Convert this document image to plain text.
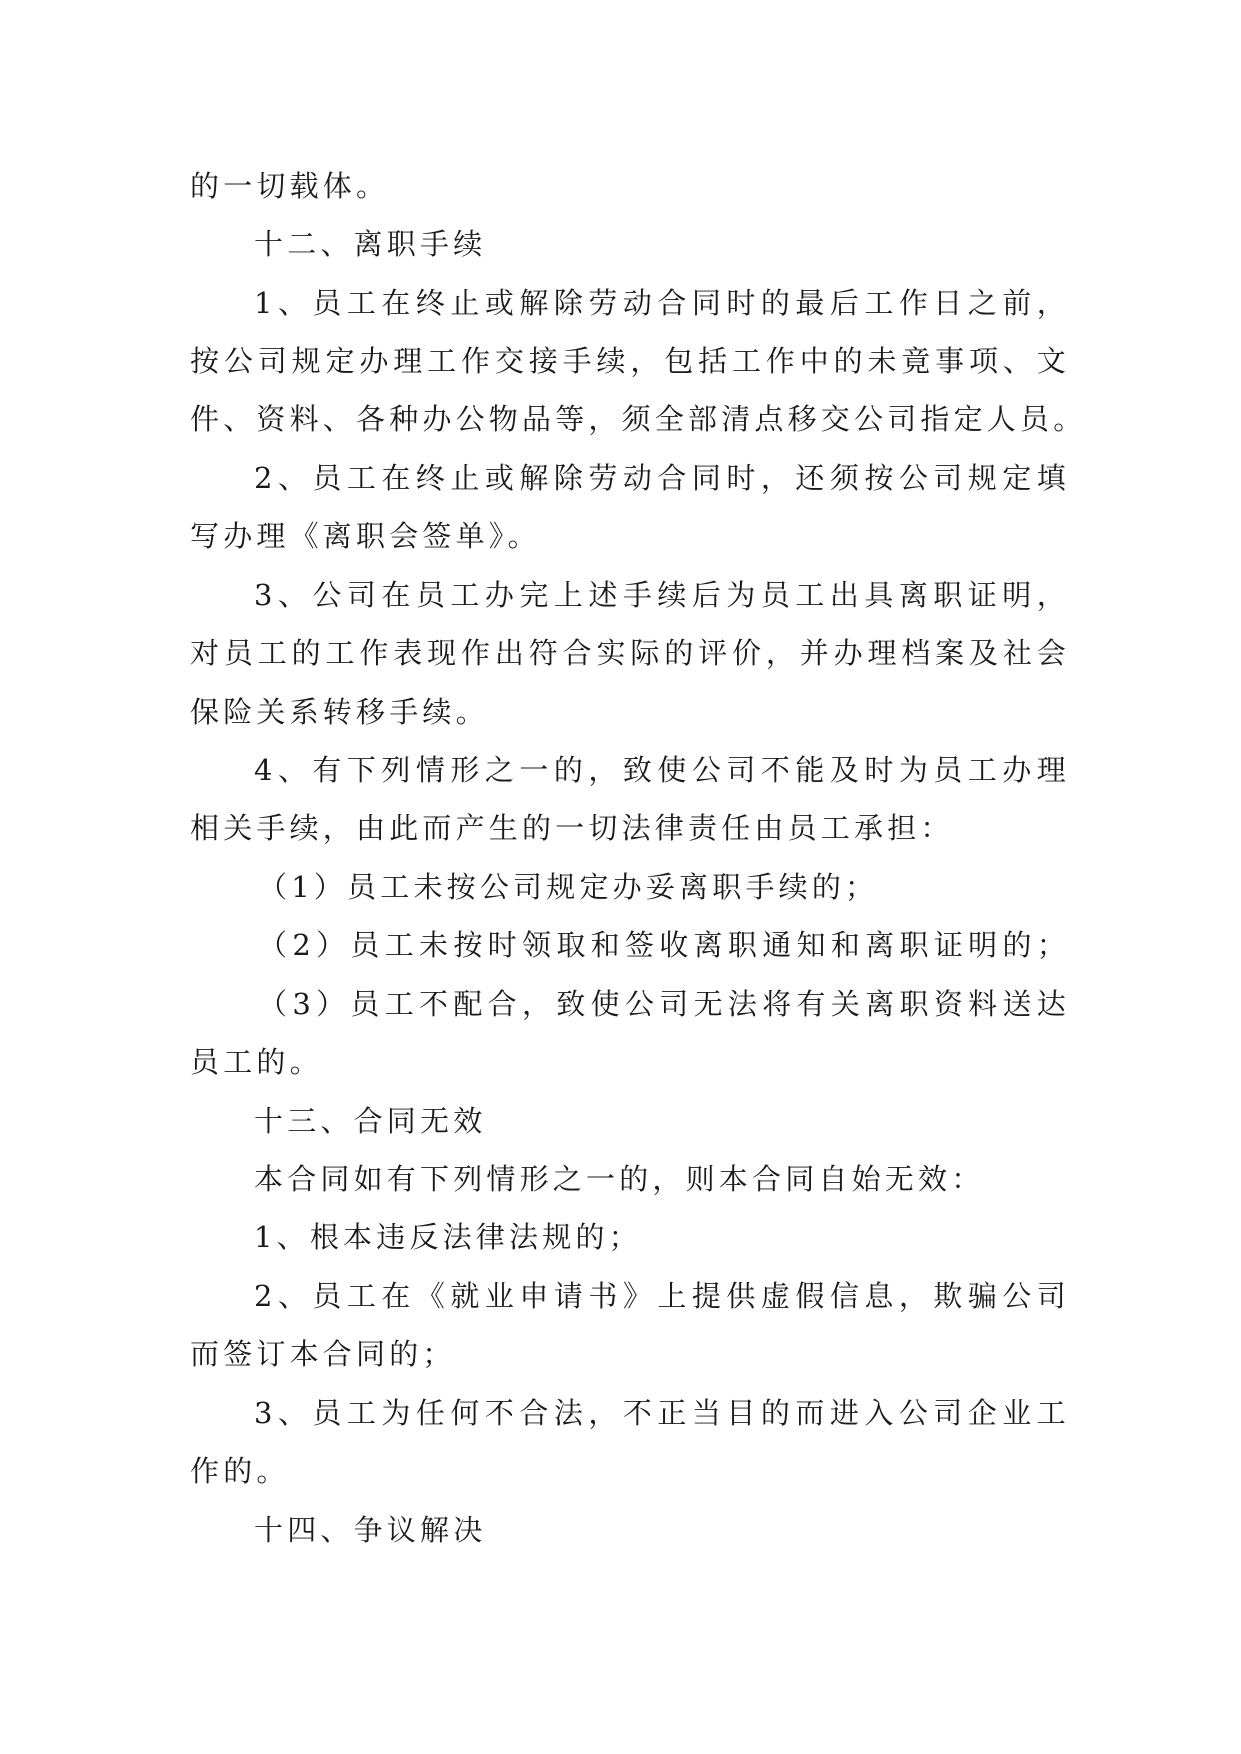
的一切载体。
十二、离职手续
1、员工在终止或解除劳动合同时的最后工作日之前，
按公司规定办理工作交接手续，包括工作中的未竟事项、文
件、资料、各种办公物品等，须全部清点移交公司指定人员。
2、员工在终止或解除劳动合同时，还须按公司规定填
写办理《离职会签单》。
3、公司在员工办完上述手续后为员工出具离职证明，
对员工的工作表现作出符合实际的评价，并办理档案及社会
保险关系转移手续。
4、有下列情形之一的，致使公司不能及时为员工办理
相关手续，由此而产生的一切法律责任由员工承担：
（1）员工未按公司规定办妥离职手续的；
（2）员工未按时领取和签收离职通知和离职证明的；
（3）员工不配合，致使公司无法将有关离职资料送达
员工的。
十三、合同无效
本合同如有下列情形之一的，则本合同自始无效：
1、根本违反法律法规的；
2、员工在《就业申请书》上提供虚假信息，欺骗公司
而签订本合同的；
3、员工为任何不合法，不正当目的而进入公司企业工
作的。
十四、争议解决
